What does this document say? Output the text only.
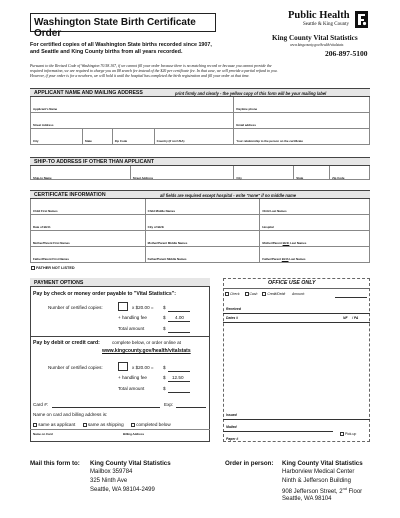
Washington State Birth Certificate Order
Public Health
Seattle & King County
King County Vital Statistics
www.kingcounty.gov/health/vitalstats
206-897-5100
For certified copies of all Washington State births recorded since 1907,
and Seattle and King County births from all years recorded.
Pursuant to the Revised Code of Washington 70.58.107, if we cannot fill your order because there is no matching record or because you cannot provide the
required information, we are required to charge you an $8 search fee instead of the $20 per certificate fee. In that case, we will provide a partial refund to you.
However, if your order is for a newborn, we will hold it until the hospital has completed the birth registration and fill your order at that time.
APPLICANT NAME AND MAILING ADDRESS	print firmly and clearly - the yellow copy of this form will be your mailing label
Applicant's Name	Daytime phone
Street Address	Email address
City	State	Zip Code	Country (if not USA)	Your relationship to the person on the certificate
SHIP-TO ADDRESS IF OTHER THAN APPLICANT
Ship-to Name	Street Address	City	State	Zip Code
CERTIFICATE INFORMATION	all fields are required except hospital - write "none" if no middle name
Child First Names	Child Middle Names	Child Last Names
Date of Birth	City of Birth	Hospital
Mother/Parent First Names	Mother/Parent Middle Names	Mother/Parent Birth Last Names
Father/Parent First Names	Father/Parent Middle Names	Father/Parent Birth Last Names
FATHER NOT LISTED
PAYMENT OPTIONS
Pay by check or money order payable to "Vital Statistics":
Number of certified copies:	x $20.00 = $
+ handling fee	$ 4.00
Total amount	$
Pay by debit or credit card:	complete below, or order online at
www.kingcounty.gov/health/vitalstats
Number of certified copies:	x $20.00 = $
+ handling fee	$ 12.50
Total amount	$
Card #:	Exp:
Name on card and billing address is:
same as applicant	same as shipping	completed below
Name on Card	Billing Address
OFFICE USE ONLY
Check	Cash	Credit/Debit Amount:
Received
Dates #	NF / PA
Issued
Mailed
Pick-up
Paper #
Mail this form to: King County Vital Statistics
Mailbox 359784
325 Ninth Ave
Seattle, WA 98104-2499
Order in person: King County Vital Statistics
Harborview Medical Center
Ninth & Jefferson Building
908 Jefferson Street, 2nd Floor
Seattle, WA 98104
